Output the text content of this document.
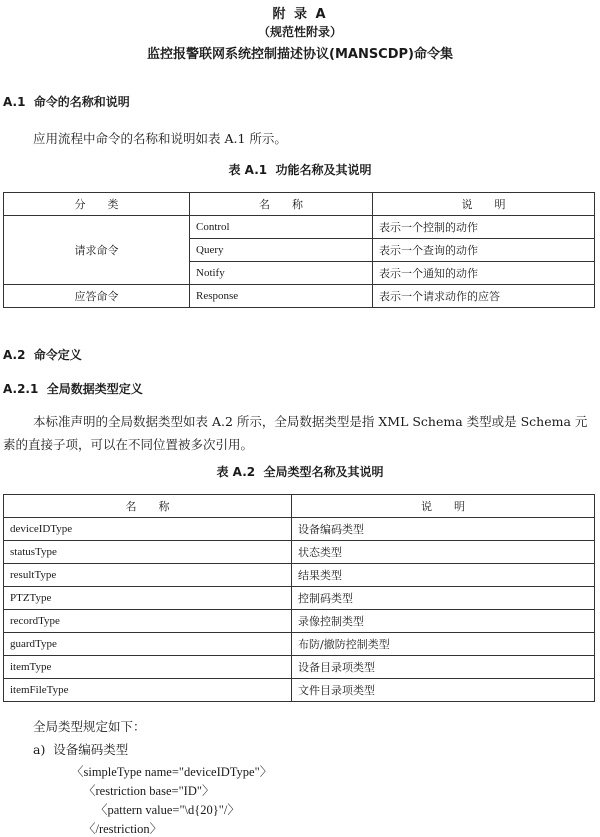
附 录 A
（规范性附录）
监控报警联网系统控制描述协议(MANSCDP)命令集
A.1 命令的名称和说明
应用流程中命令的名称和说明如表 A.1 所示。
表 A.1 功能名称及其说明
分　　类	名　　称	说　　明
请求命令	Control	表示一个控制的动作
	Query	表示一个查询的动作
	Notify	表示一个通知的动作
应答命令	Response	表示一个请求动作的应答
A.2 命令定义
A.2.1 全局数据类型定义
本标准声明的全局数据类型如表 A.2 所示，全局数据类型是指 XML Schema 类型或是 Schema 元
素的直接子项，可以在不同位置被多次引用。
表 A.2 全局类型名称及其说明
名　　称	说　　明
deviceIDType	设备编码类型
statusType	状态类型
resultType	结果类型
PTZType	控制码类型
recordType	录像控制类型
guardType	布防/撤防控制类型
itemType	设备目录项类型
itemFileType	文件目录项类型
全局类型规定如下：
a) 设备编码类型
〈simpleType name="deviceIDType"〉
〈restriction base="ID"〉
〈pattern value="\d{20}"/〉
〈/restriction〉
